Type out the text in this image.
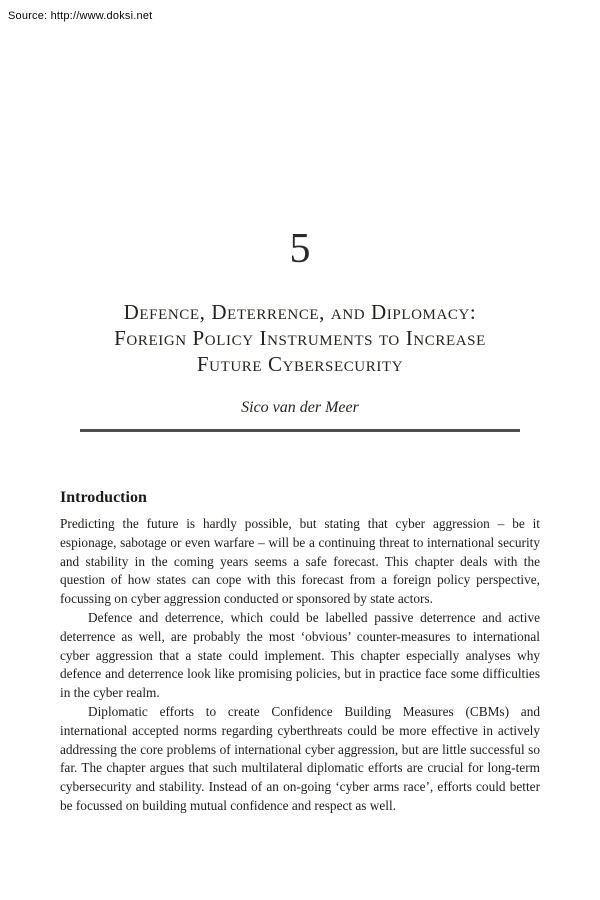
Source: http://www.doksi.net
5
Defence, Deterrence, and Diplomacy:
Foreign Policy Instruments to Increase
Future Cybersecurity
Sico van der Meer
Introduction

Predicting the future is hardly possible, but stating that cyber aggression – be it espionage, sabotage or even warfare – will be a continuing threat to international security and stability in the coming years seems a safe forecast. This chapter deals with the question of how states can cope with this forecast from a foreign policy perspective, focussing on cyber aggression conducted or sponsored by state actors.

Defence and deterrence, which could be labelled passive deterrence and active deterrence as well, are probably the most ‘obvious’ counter-measures to international cyber aggression that a state could implement. This chapter especially analyses why defence and deterrence look like promising policies, but in practice face some difficulties in the cyber realm.

Diplomatic efforts to create Confidence Building Measures (CBMs) and international accepted norms regarding cyberthreats could be more effective in actively addressing the core problems of international cyber aggression, but are little successful so far. The chapter argues that such multilateral diplomatic efforts are crucial for long-term cybersecurity and stability. Instead of an on-going ‘cyber arms race’, efforts could better be focussed on building mutual confidence and respect as well.
